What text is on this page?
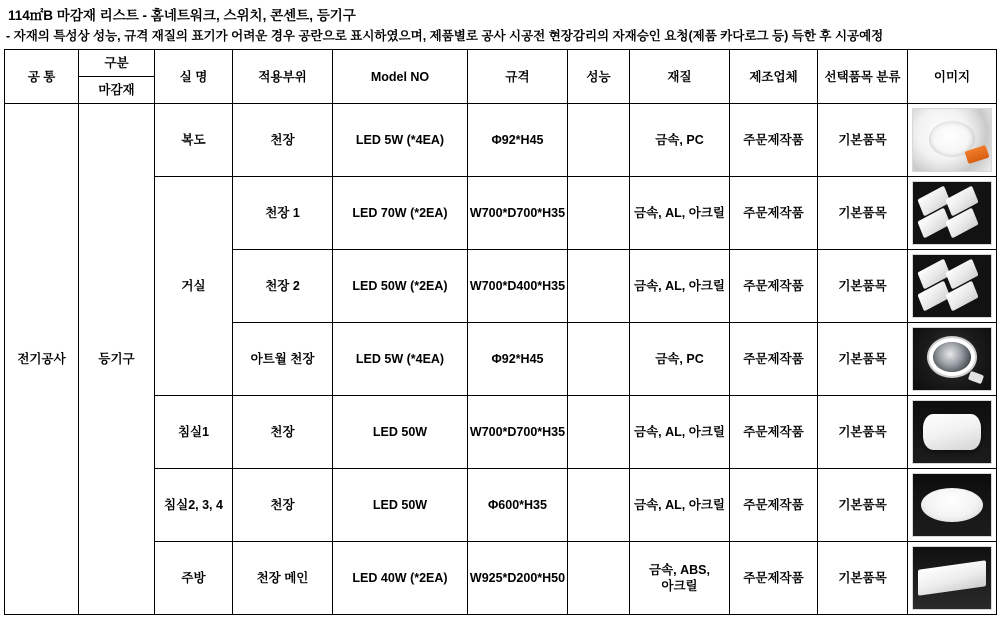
114㎡B 마감재 리스트 - 홈네트워크, 스위치, 콘센트, 등기구
- 자재의 특성상 성능, 규격 재질의 표기가 어려운 경우 공란으로 표시하였으며, 제품별로 공사 시공전 현장감리의 자재승인 요청(제품 카다로그 등) 득한 후 시공예정
공 통	구분	실 명	적용부위	Model NO	규격	성능	재질	제조업체	선택품목 분류	이미지
	마감재									
전기공사	등기구	복도	천장	LED 5W (*4EA)	Φ92*H45		금속, PC	주문제작품	기본품목	

		거실	천장 1	LED 70W (*2EA)	W700*D700*H35		금속, AL, 아크릴	주문제작품	기본품목	

			천장 2	LED 50W (*2EA)	W700*D400*H35		금속, AL, 아크릴	주문제작품	기본품목	

			아트월 천장	LED 5W (*4EA)	Φ92*H45		금속, PC	주문제작품	기본품목	

		침실1	천장	LED 50W	W700*D700*H35		금속, AL, 아크릴	주문제작품	기본품목	

		침실2, 3, 4	천장	LED 50W	Φ600*H35		금속, AL, 아크릴	주문제작품	기본품목	

		주방	천장 메인	LED 40W (*2EA)	W925*D200*H50		금속, ABS, 아크릴	주문제작품	기본품목	
